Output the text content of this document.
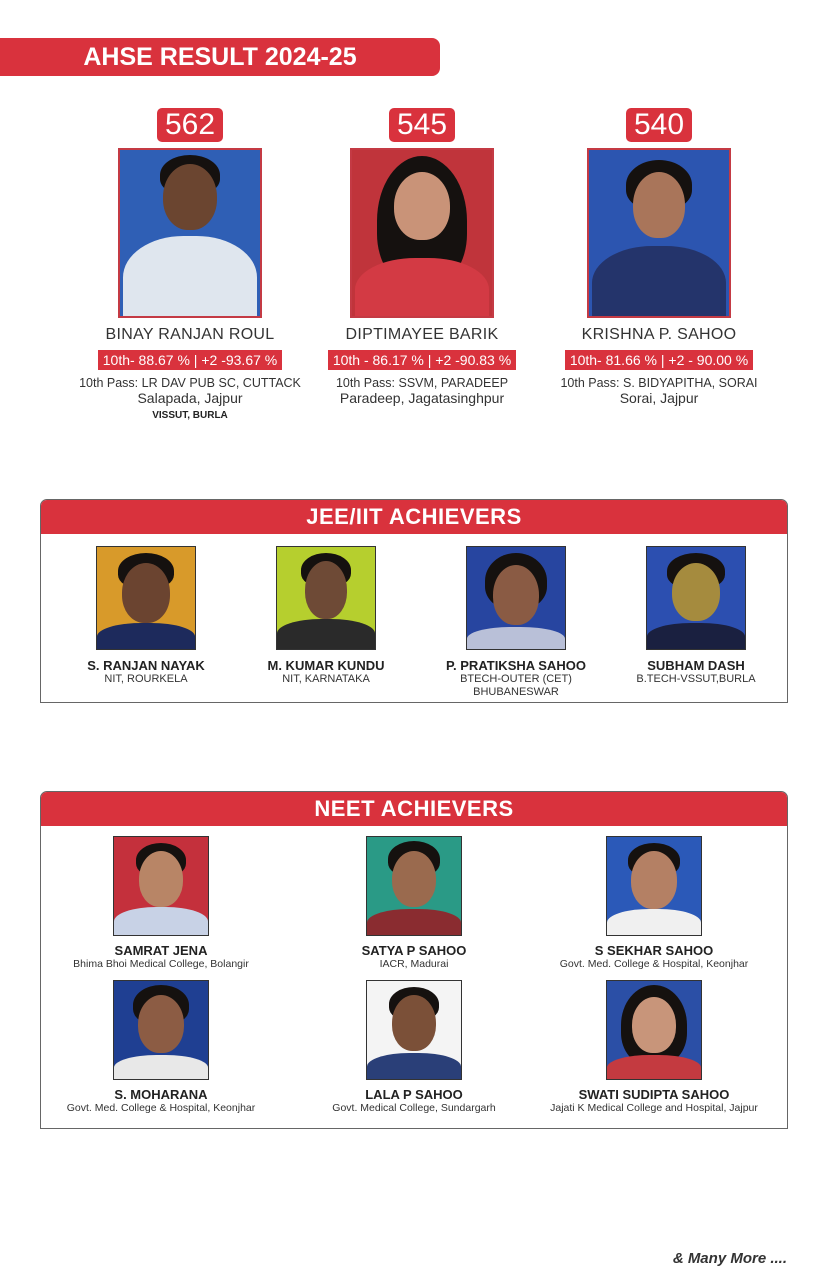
AHSE RESULT 2024-25
562
BINAY RANJAN ROUL
10th- 88.67 % | +2 -93.67 %
10th Pass: LR DAV PUB SC, CUTTACK
Salapada, Jajpur
VISSUT, BURLA
545
DIPTIMAYEE BARIK
10th - 86.17 % | +2 -90.83 %
10th Pass: SSVM, PARADEEP
Paradeep, Jagatasinghpur
540
KRISHNA P. SAHOO
10th- 81.66 % | +2 - 90.00 %
10th Pass: S. BIDYAPITHA, SORAI
Sorai, Jajpur
JEE/IIT ACHIEVERS
S. RANJAN NAYAK
NIT, ROURKELA
M. KUMAR KUNDU
NIT, KARNATAKA
P. PRATIKSHA SAHOO
BTECH-OUTER (CET)
BHUBANESWAR
SUBHAM DASH
B.TECH-VSSUT,BURLA
NEET ACHIEVERS
SAMRAT JENA
Bhima Bhoi Medical College, Bolangir
SATYA P SAHOO
IACR, Madurai
S SEKHAR SAHOO
Govt. Med. College & Hospital, Keonjhar
S. MOHARANA
Govt. Med. College & Hospital, Keonjhar
LALA P SAHOO
Govt. Medical College, Sundargarh
SWATI SUDIPTA SAHOO
Jajati K Medical College and Hospital, Jajpur
& Many More ....
